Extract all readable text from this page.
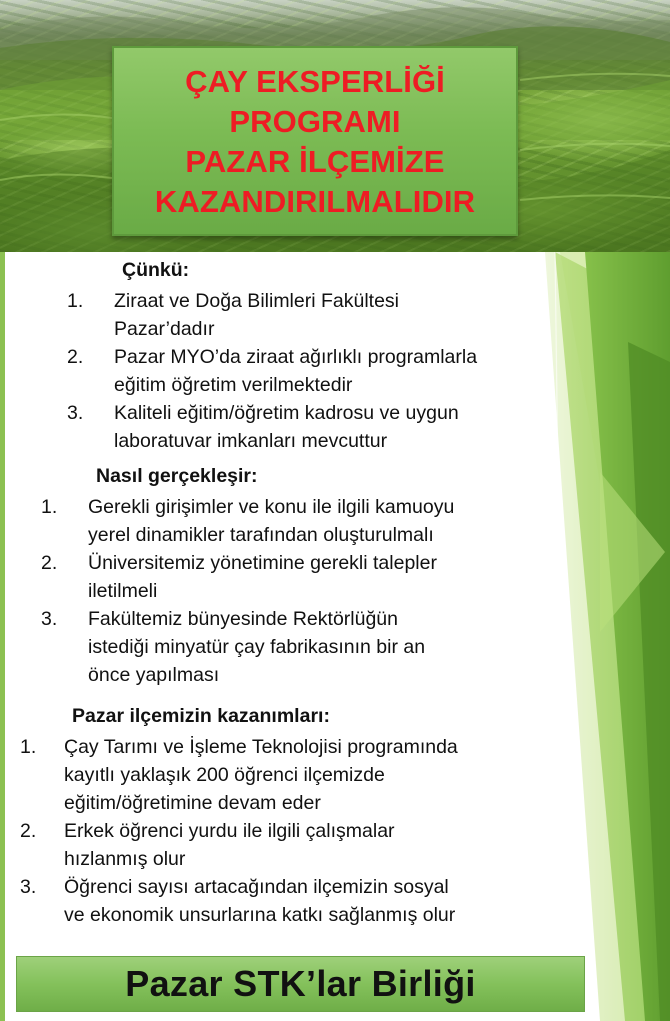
ÇAY EKSPERLİĞİ
PROGRAMI
PAZAR İLÇEMİZE
KAZANDIRILMALIDIR
Çünkü:
1. Ziraat ve Doğa Bilimleri Fakültesi
Pazar’dadır
2. Pazar MYO’da ziraat ağırlıklı programlarla
eğitim öğretim verilmektedir
3. Kaliteli eğitim/öğretim kadrosu ve uygun
laboratuvar imkanları mevcuttur
Nasıl gerçekleşir:
1. Gerekli girişimler ve konu ile ilgili kamuoyu
yerel dinamikler tarafından oluşturulmalı
2. Üniversitemiz yönetimine gerekli talepler
iletilmeli
3. Fakültemiz bünyesinde Rektörlüğün
istediği minyatür çay fabrikasının bir an
önce yapılması
Pazar ilçemizin kazanımları:
1. Çay Tarımı ve İşleme Teknolojisi programında
kayıtlı yaklaşık 200 öğrenci ilçemizde
eğitim/öğretimine devam eder
2. Erkek öğrenci yurdu ile ilgili çalışmalar
hızlanmış olur
3. Öğrenci sayısı artacağından ilçemizin sosyal
ve ekonomik unsurlarına katkı sağlanmış olur
Pazar STK’lar Birliği
